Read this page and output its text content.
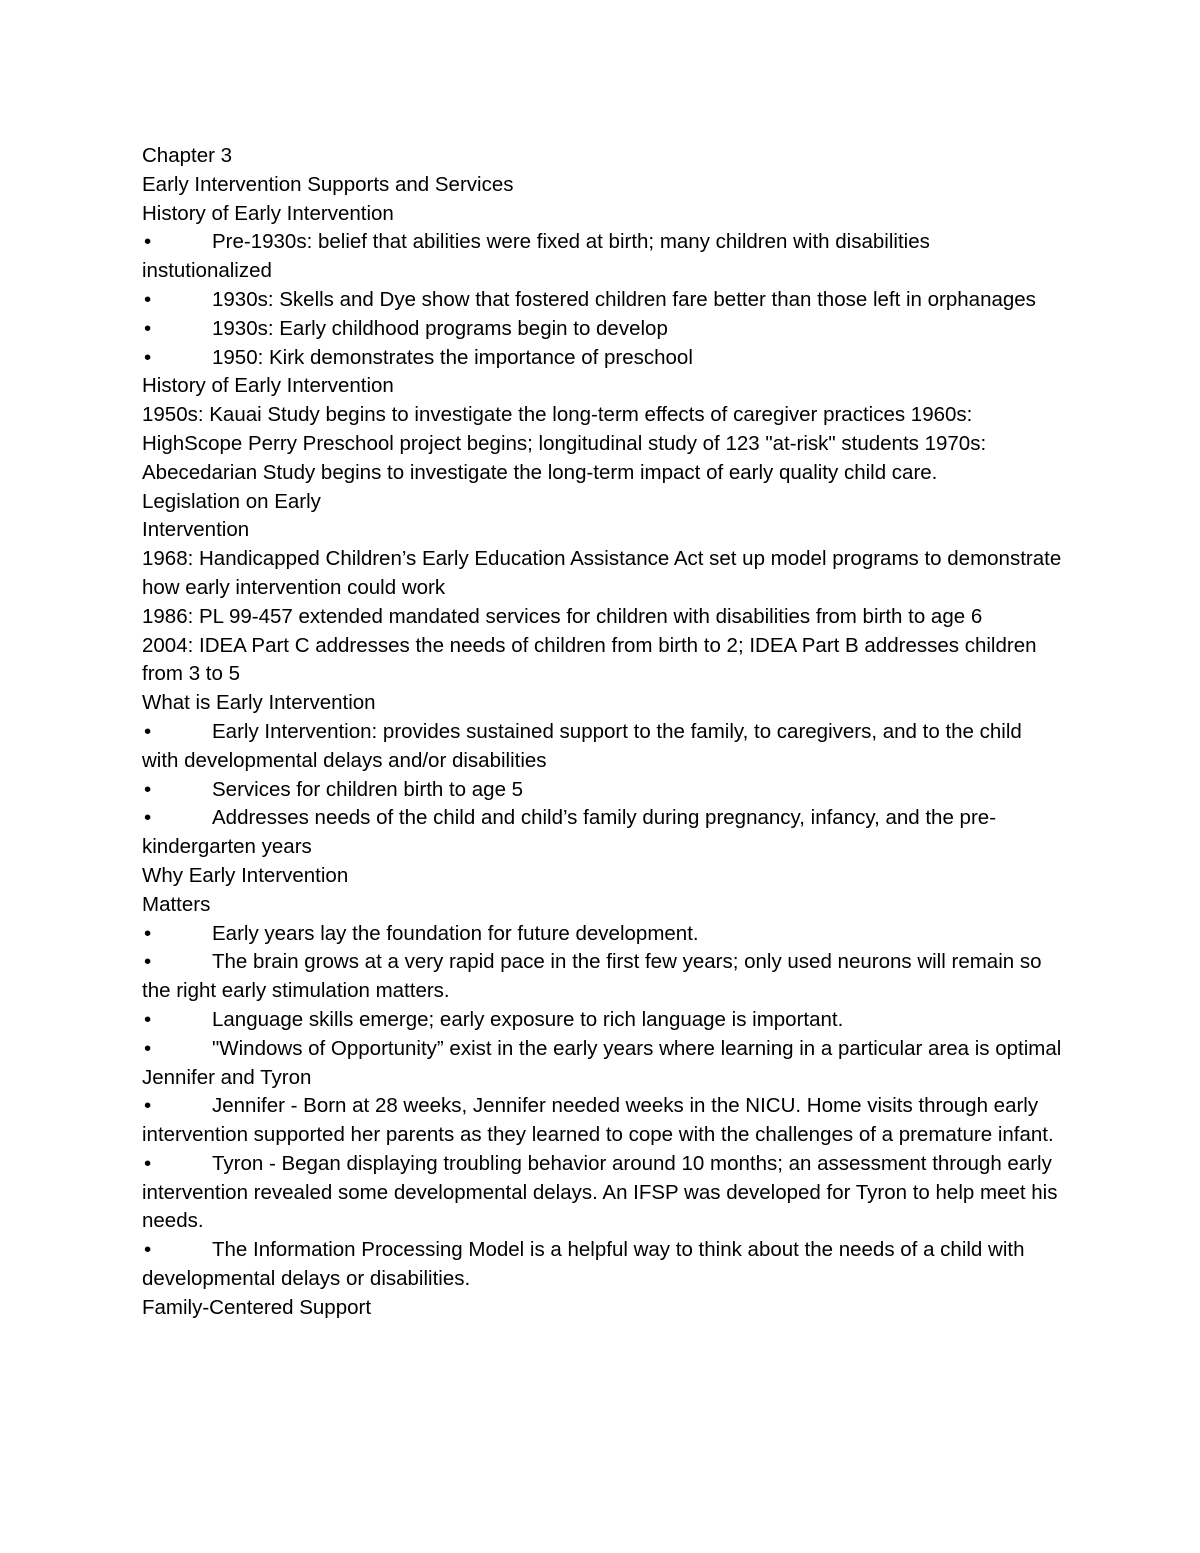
Chapter 3
Early Intervention Supports and Services
History of Early Intervention
•	Pre-1930s: belief that abilities were fixed at birth; many children with disabilities instutionalized
•	1930s: Skells and Dye show that fostered children fare better than those left in orphanages
•	1930s: Early childhood programs begin to develop
•	1950: Kirk demonstrates the importance of preschool
History of Early Intervention
1950s: Kauai Study begins to investigate the long-term effects of caregiver practices 1960s: HighScope Perry Preschool project begins; longitudinal study of 123 "at-risk" students 1970s: Abecedarian Study begins to investigate the long-term impact of early quality child care.
Legislation on Early
Intervention
1968: Handicapped Children’s Early Education Assistance Act set up model programs to demonstrate how early intervention could work
1986: PL 99-457 extended mandated services for children with disabilities from birth to age 6
2004: IDEA Part C addresses the needs of children from birth to 2; IDEA Part B addresses children from 3 to 5
What is Early Intervention
•	Early Intervention: provides sustained support to the family, to caregivers, and to the child with developmental delays and/or disabilities
•	Services for children birth to age 5
•	Addresses needs of the child and child’s family during pregnancy, infancy, and the pre-kindergarten years
Why Early Intervention
Matters
•	Early years lay the foundation for future development.
•	The brain grows at a very rapid pace in the first few years; only used neurons will remain so the right early stimulation matters.
•	Language skills emerge; early exposure to rich language is important.
•	"Windows of Opportunity” exist in the early years where learning in a particular area is optimal
Jennifer and Tyron
•	Jennifer - Born at 28 weeks, Jennifer needed weeks in the NICU. Home visits through early intervention supported her parents as they learned to cope with the challenges of a premature infant.
•	Tyron - Began displaying troubling behavior around 10 months; an assessment through early intervention revealed some developmental delays. An IFSP was developed for Tyron to help meet his needs.
•	The Information Processing Model is a helpful way to think about the needs of a child with developmental delays or disabilities.
Family-Centered Support
